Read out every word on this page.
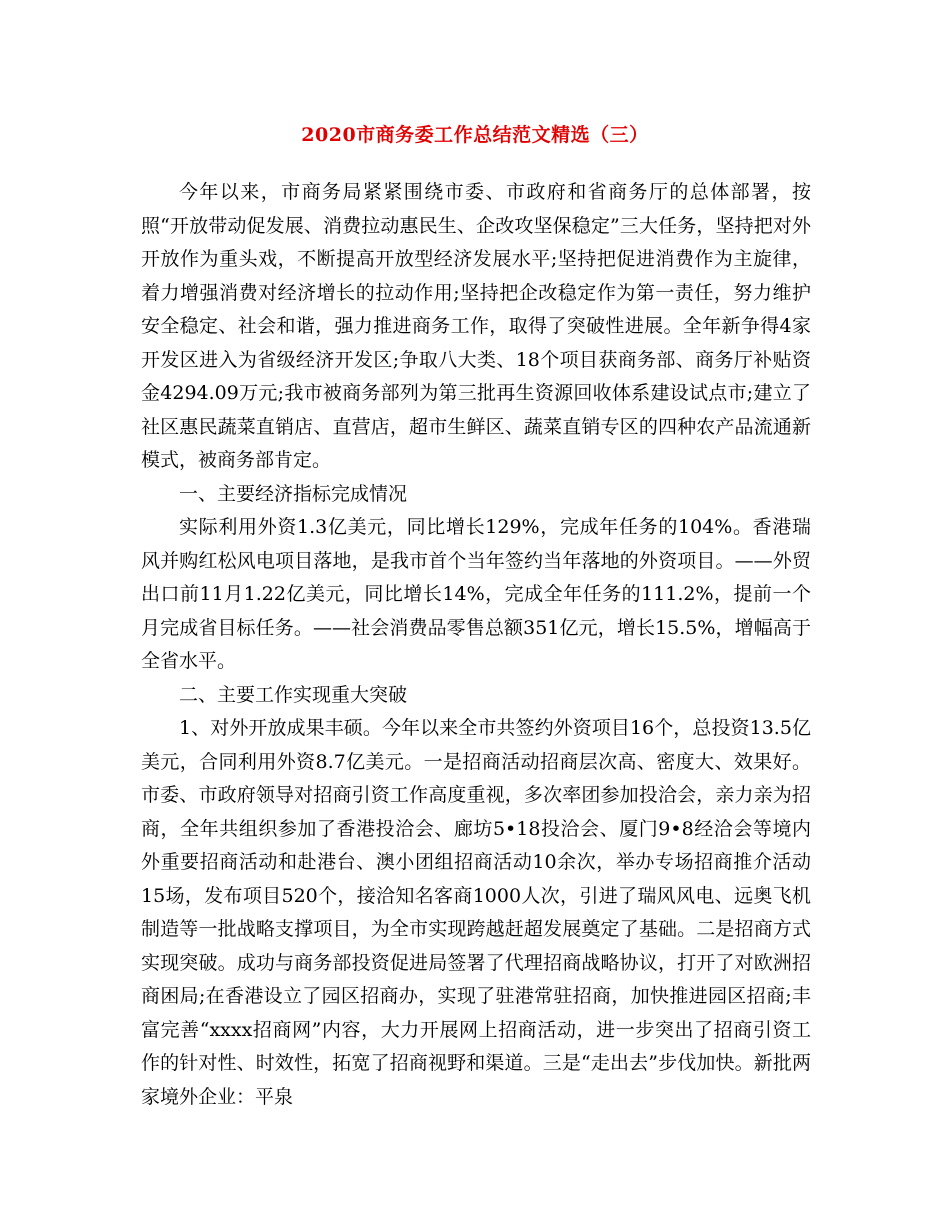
2020市商务委工作总结范文精选（三）

今年以来，市商务局紧紧围绕市委、市政府和省商务厅的总体部署，按照“开放带动促发展、消费拉动惠民生、企改攻坚保稳定”三大任务，坚持把对外开放作为重头戏，不断提高开放型经济发展水平;坚持把促进消费作为主旋律，着力增强消费对经济增长的拉动作用;坚持把企改稳定作为第一责任，努力维护安全稳定、社会和谐，强力推进商务工作，取得了突破性进展。全年新争得4家开发区进入为省级经济开发区;争取八大类、18个项目获商务部、商务厅补贴资金4294.09万元;我市被商务部列为第三批再生资源回收体系建设试点市;建立了社区惠民蔬菜直销店、直营店，超市生鲜区、蔬菜直销专区的四种农产品流通新模式，被商务部肯定。

一、主要经济指标完成情况

实际利用外资1.3亿美元，同比增长129%，完成年任务的104%。香港瑞风并购红松风电项目落地，是我市首个当年签约当年落地的外资项目。——外贸出口前11月1.22亿美元，同比增长14%，完成全年任务的111.2%，提前一个月完成省目标任务。——社会消费品零售总额351亿元，增长15.5%，增幅高于全省水平。

二、主要工作实现重大突破

1、对外开放成果丰硕。今年以来全市共签约外资项目16个，总投资13.5亿美元，合同利用外资8.7亿美元。一是招商活动招商层次高、密度大、效果好。市委、市政府领导对招商引资工作高度重视，多次率团参加投洽会，亲力亲为招商，全年共组织参加了香港投洽会、廊坊5•18投洽会、厦门9•8经洽会等境内外重要招商活动和赴港台、澳小团组招商活动10余次，举办专场招商推介活动15场，发布项目520个，接洽知名客商1000人次，引进了瑞风风电、远奥飞机制造等一批战略支撑项目，为全市实现跨越赶超发展奠定了基础。二是招商方式实现突破。成功与商务部投资促进局签署了代理招商战略协议，打开了对欧洲招商困局;在香港设立了园区招商办，实现了驻港常驻招商，加快推进园区招商;丰富完善“xxxx招商网”内容，大力开展网上招商活动，进一步突出了招商引资工作的针对性、时效性，拓宽了招商视野和渠道。三是“走出去”步伐加快。新批两家境外企业：平泉
